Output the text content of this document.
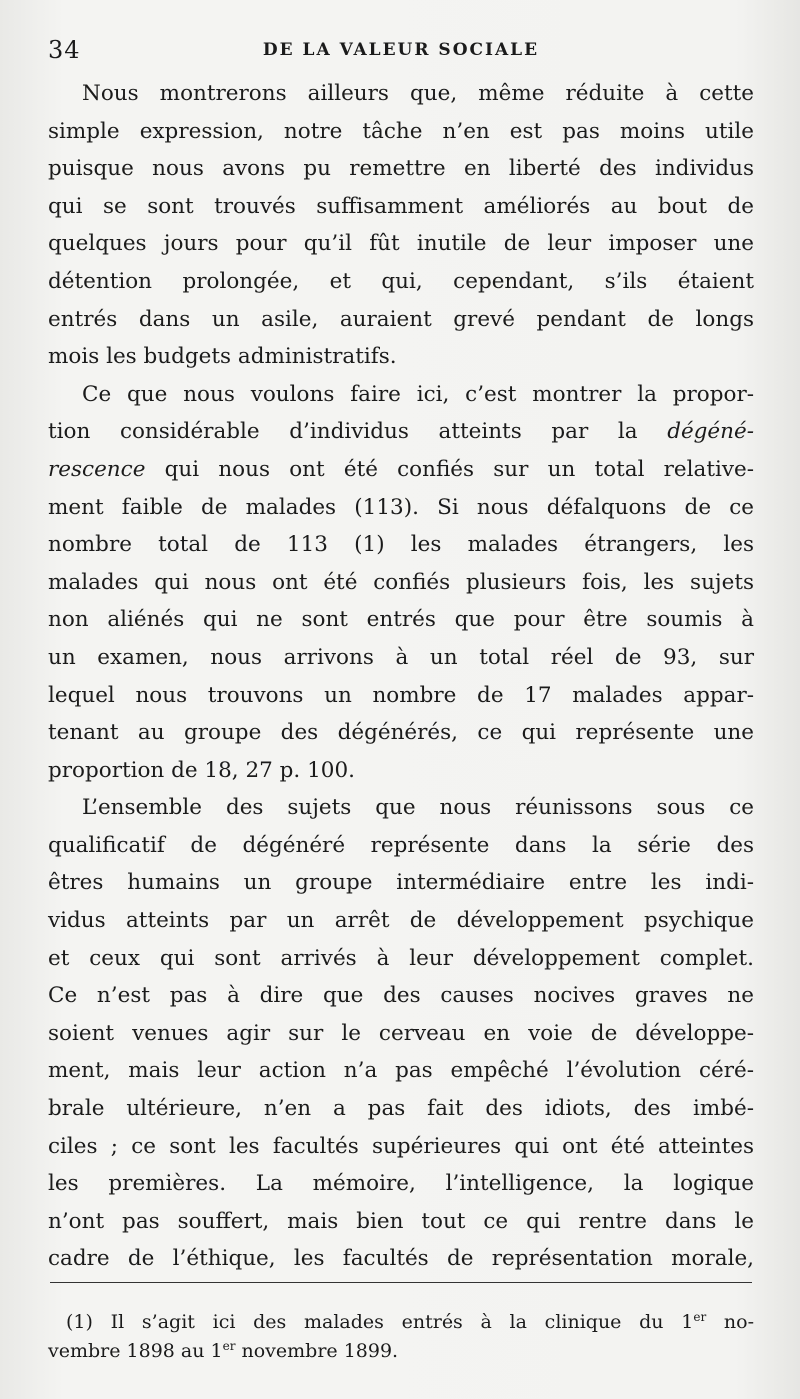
34	DE LA VALEUR SOCIALE
Nous montrerons ailleurs que, même réduite à cette
simple expression, notre tâche n’en est pas moins utile
puisque nous avons pu remettre en liberté des individus
qui se sont trouvés suffisamment améliorés au bout de
quelques jours pour qu’il fût inutile de leur imposer une
détention prolongée, et qui, cependant, s’ils étaient
entrés dans un asile, auraient grevé pendant de longs
mois les budgets administratifs.
Ce que nous voulons faire ici, c’est montrer la propor-
tion considérable d’individus atteints par la dégéné-
rescence qui nous ont été confiés sur un total relative-
ment faible de malades (113). Si nous défalquons de ce
nombre total de 113 (1) les malades étrangers, les
malades qui nous ont été confiés plusieurs fois, les sujets
non aliénés qui ne sont entrés que pour être soumis à
un examen, nous arrivons à un total réel de 93, sur
lequel nous trouvons un nombre de 17 malades appar-
tenant au groupe des dégénérés, ce qui représente une
proportion de 18, 27 p. 100.
L’ensemble des sujets que nous réunissons sous ce
qualificatif de dégénéré représente dans la série des
êtres humains un groupe intermédiaire entre les indi-
vidus atteints par un arrêt de développement psychique
et ceux qui sont arrivés à leur développement complet.
Ce n’est pas à dire que des causes nocives graves ne
soient venues agir sur le cerveau en voie de développe-
ment, mais leur action n’a pas empêché l’évolution céré-
brale ultérieure, n’en a pas fait des idiots, des imbé-
ciles ; ce sont les facultés supérieures qui ont été atteintes
les premières. La mémoire, l’intelligence, la logique
n’ont pas souffert, mais bien tout ce qui rentre dans le
cadre de l’éthique, les facultés de représentation morale,
(1) Il s’agit ici des malades entrés à la clinique du 1er no-
vembre 1898 au 1er novembre 1899.
